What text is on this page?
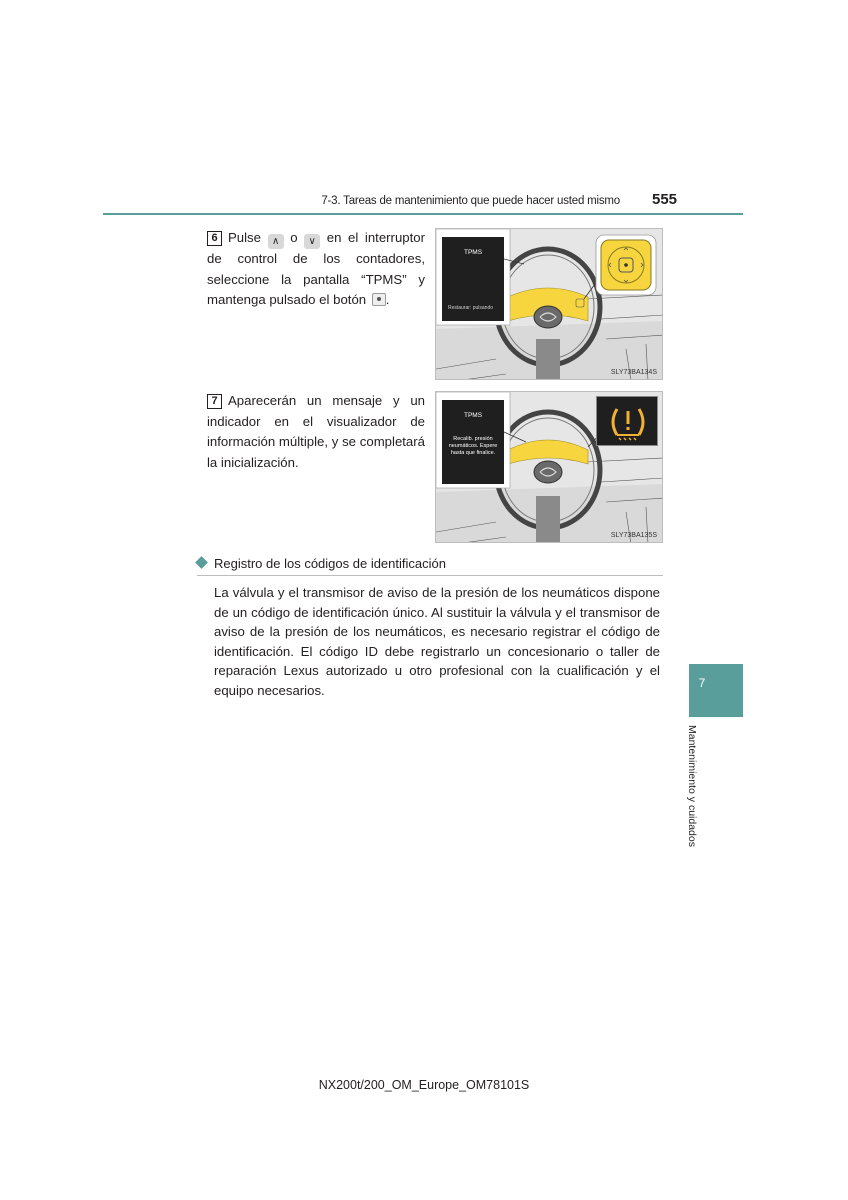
7-3. Tareas de mantenimiento que puede hacer usted mismo 555
6 Pulse ∧ o ∨ en el interruptor de control de los contadores, seleccione la pantalla “TPMS” y mantenga pulsado el botón .
TPMS
Restaurar: pulsando
SLY73BA134S
7 Aparecerán un mensaje y un indicador en el visualizador de información múltiple, y se completará la inicialización.
TPMS
Recalib. presión neumáticos. Espere hasta que finalice.
SLY73BA135S
Registro de los códigos de identificación
La válvula y el transmisor de aviso de la presión de los neumáticos dispone de un código de identificación único. Al sustituir la válvula y el transmisor de aviso de la presión de los neumáticos, es necesario registrar el código de identificación. El código ID debe registrarlo un concesionario o taller de reparación Lexus autorizado u otro profesional con la cualificación y el equipo necesarios.	7
Mantenimiento y cuidados
NX200t/200_OM_Europe_OM78101S
